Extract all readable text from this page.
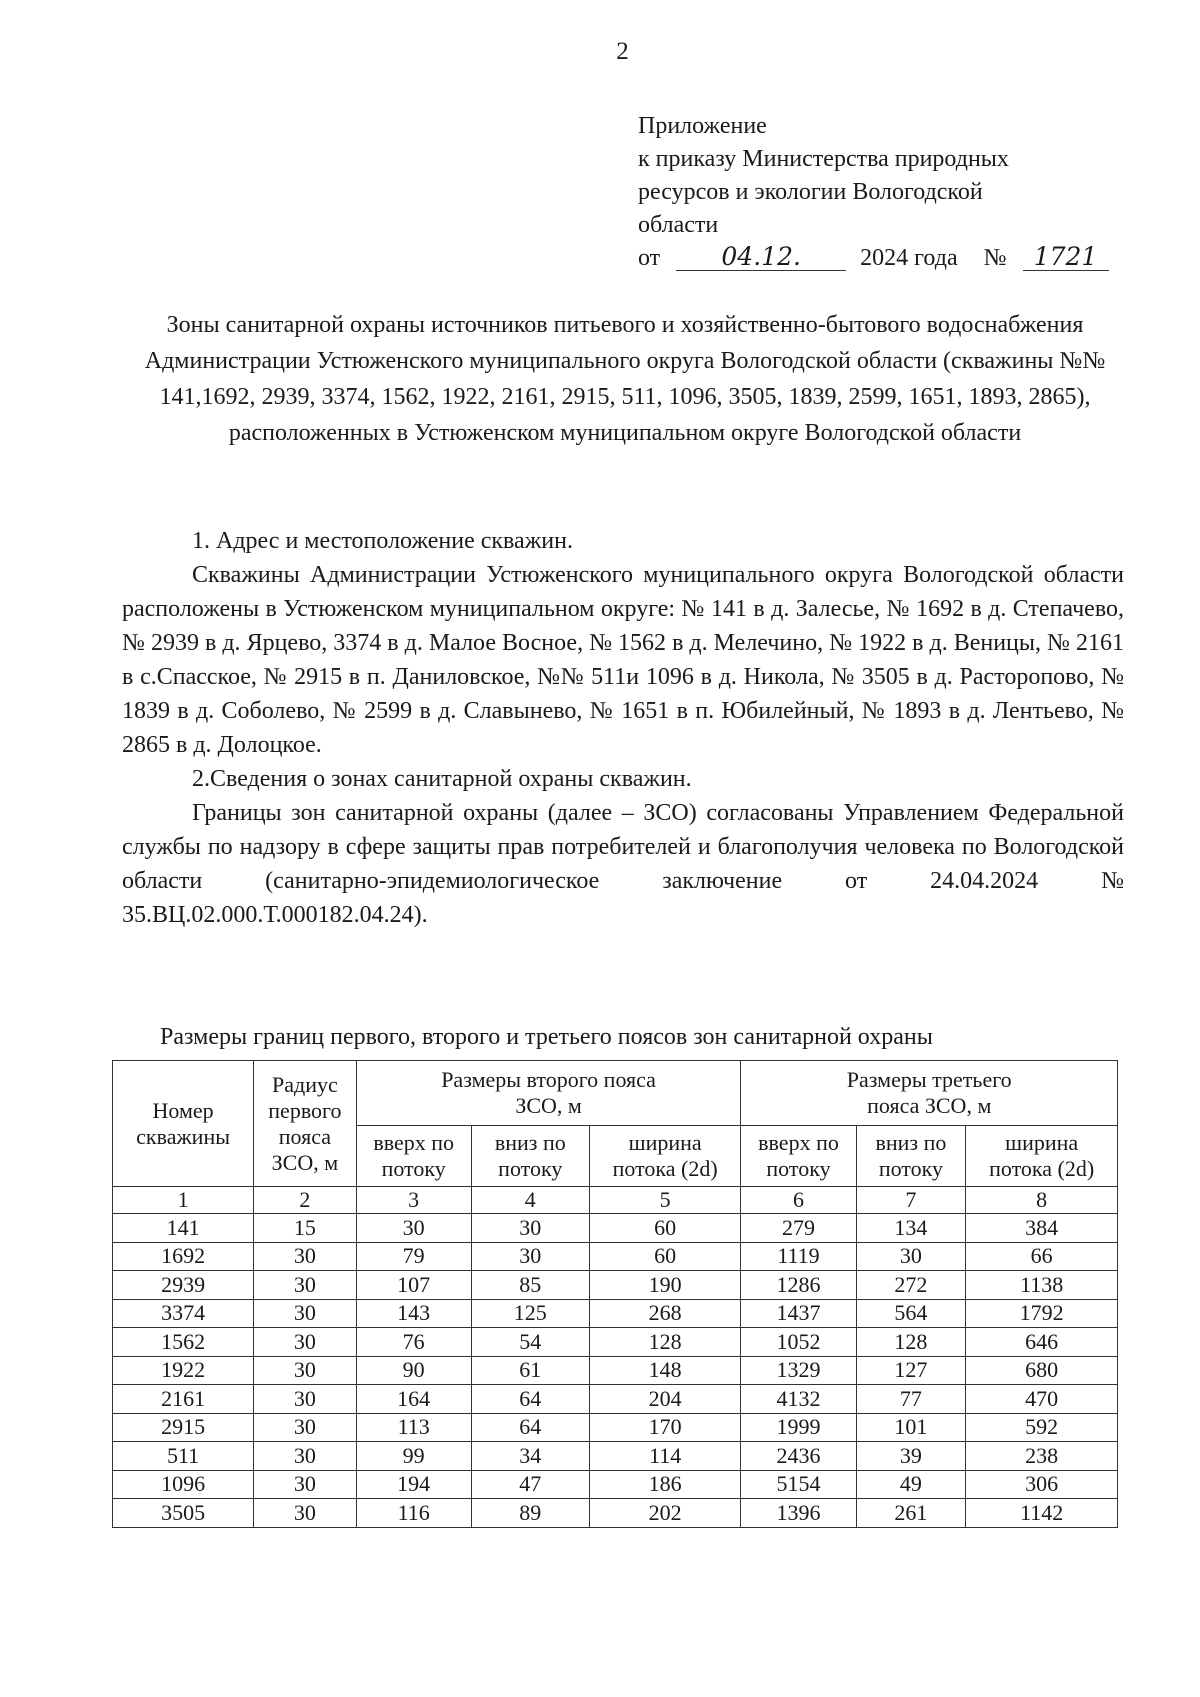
2
Приложение
к приказу Министерства природных
ресурсов и экологии Вологодской
области
от 04.12. 2024 года № 1721
Зоны санитарной охраны источников питьевого и хозяйственно-бытового водоснабжения Администрации Устюженского муниципального округа Вологодской области (скважины №№ 141,1692, 2939, 3374, 1562, 1922, 2161, 2915, 511, 1096, 3505, 1839, 2599, 1651, 1893, 2865), расположенных в Устюженском муниципальном округе Вологодской области

1. Адрес и местоположение скважин.

Скважины Администрации Устюженского муниципального округа Вологодской области расположены в Устюженском муниципальном округе: № 141 в д. Залесье, № 1692 в д. Степачево, № 2939 в д. Ярцево, 3374 в д. Малое Восное, № 1562 в д. Мелечино, № 1922 в д. Веницы, № 2161 в с.Спасское, № 2915 в п. Даниловское, №№ 511и 1096 в д. Никола, № 3505 в д. Расторопово, № 1839 в д. Соболево, № 2599 в д. Славынево, № 1651 в п. Юбилейный, № 1893 в д. Лентьево, № 2865 в д. Долоцкое.

2.Сведения о зонах санитарной охраны скважин.

Границы зон санитарной охраны (далее – ЗСО) согласованы Управлением Федеральной службы по надзору в сфере защиты прав потребителей и благополучия человека по Вологодской области (санитарно-эпидемиологическое заключение от 24.04.2024 № 35.ВЦ.02.000.Т.000182.04.24).

Размеры границ первого, второго и третьего поясов зон санитарной охраны
Номер скважины	Радиус первого пояса ЗСО, м	Размеры второго пояса ЗСО, м			Размеры третьего пояса ЗСО, м		
		вверх по потоку	вниз по потоку	ширина потока (2d)	вверх по потоку	вниз по потоку	ширина потока (2d)
1	2	3	4	5	6	7	8
141	15	30	30	60	279	134	384
1692	30	79	30	60	1119	30	66
2939	30	107	85	190	1286	272	1138
3374	30	143	125	268	1437	564	1792
1562	30	76	54	128	1052	128	646
1922	30	90	61	148	1329	127	680
2161	30	164	64	204	4132	77	470
2915	30	113	64	170	1999	101	592
511	30	99	34	114	2436	39	238
1096	30	194	47	186	5154	49	306
3505	30	116	89	202	1396	261	1142
